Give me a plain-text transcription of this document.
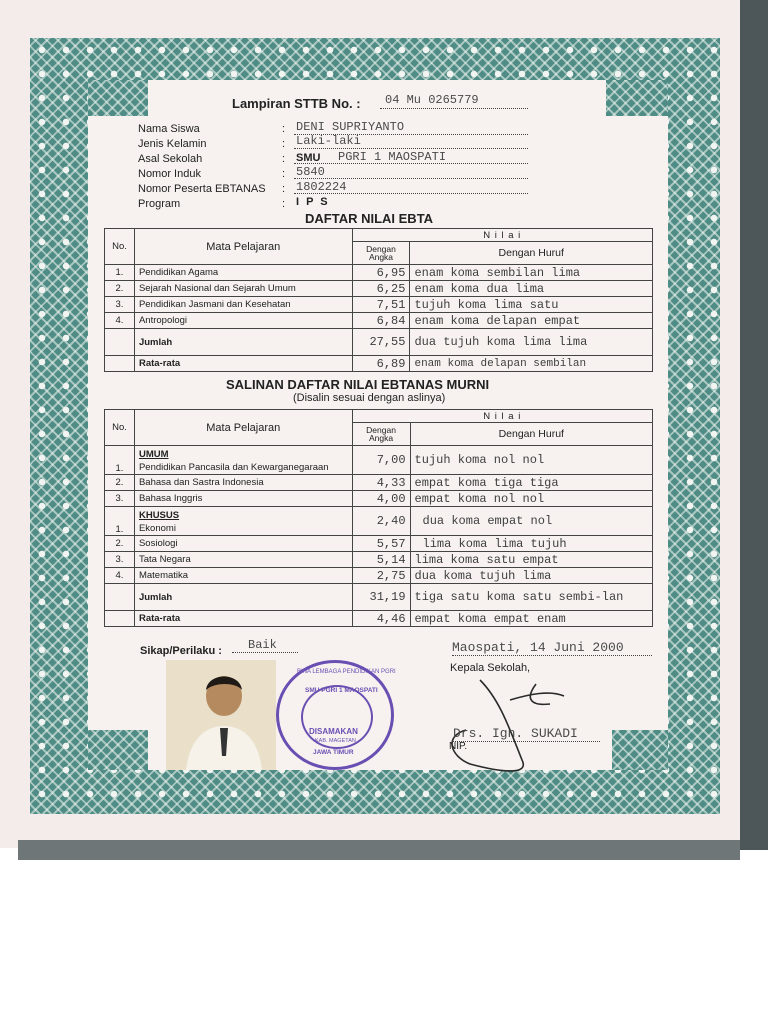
Lampiran STTB No. : 04 Mu 0265779
Nama Siswa	: DENI SUPRIYANTO
Jenis Kelamin	: Laki-laki
Asal Sekolah	: SMU PGRI 1 MAOSPATI
Nomor Induk	: 5840
Nomor Peserta EBTANAS : 1802224
Program	: I P S
DAFTAR NILAI EBTA
No.	Mata Pelajaran	N i l a i	
		Dengan Angka	Dengan Huruf
1.	Pendidikan Agama	6,95	enam koma sembilan lima
2.	Sejarah Nasional dan Sejarah Umum	6,25	enam koma dua lima
3.	Pendidikan Jasmani dan Kesehatan	7,51	tujuh koma lima satu
4.	Antropologi	6,84	enam koma delapan empat
	Jumlah	27,55	dua tujuh koma lima lima
	Rata-rata	6,89	enam koma delapan sembilan
SALINAN DAFTAR NILAI EBTANAS MURNI
(Disalin sesuai dengan aslinya)
No.	Mata Pelajaran	N i l a i	
		Dengan Angka	Dengan Huruf
1.	UMUM
Pendidikan Pancasila dan Kewarganegaraan	7,00	tujuh koma nol nol
2.	Bahasa dan Sastra Indonesia	4,33	empat koma tiga tiga
3.	Bahasa Inggris	4,00	empat koma nol nol
1.	KHUSUS
Ekonomi	2,40	dua koma empat nol
2.	Sosiologi	5,57	lima koma lima tujuh
3.	Tata Negara	5,14	lima koma satu empat
4.	Matematika	2,75	dua koma tujuh lima
	Jumlah	31,19	tiga satu koma satu sembi-lan
	Rata-rata	4,46	empat koma empat enam
Sikap/Perilaku : Baik	Maospati, 14 Juni 2000
Kepala Sekolah,
Drs. Ign. SUKADI
NIP.
BINA LEMBAGA PENDIDIKAN PGRI
SMU PGRI 1 MAOSPATI
DISAMAKAN
KAB. MAGETAN
JAWA TIMUR
